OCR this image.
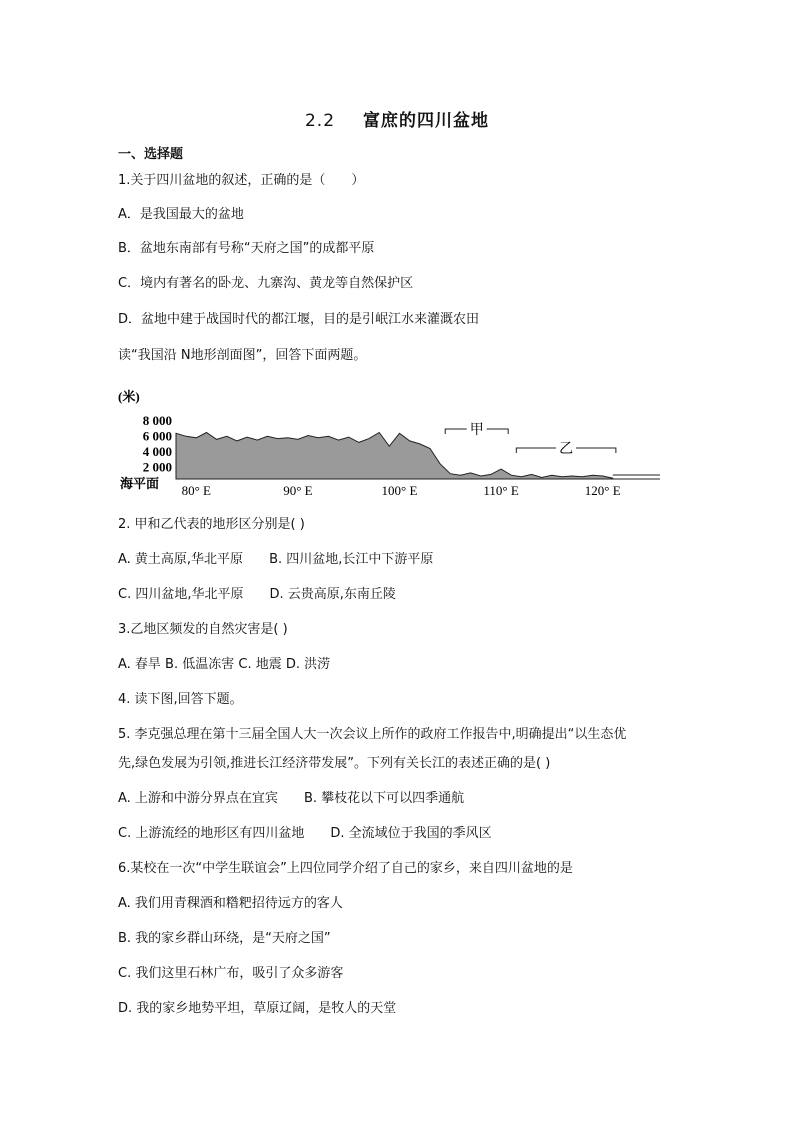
2.2 富庶的四川盆地
一、选择题
1.关于四川盆地的叙述，正确的是（　　）
A．是我国最大的盆地
B．盆地东南部有号称“天府之国”的成都平原
C．境内有著名的卧龙、九寨沟、黄龙等自然保护区
D．盆地中建于战国时代的都江堰，目的是引岷江水来灌溉农田
读“我国沿 N地形剖面图”，回答下面两题。
(米)
8 000
6 000
4 000
2 000
海平面 80° E	90° E	100° E	110° E	120° E
甲
乙
2. 甲和乙代表的地形区分别是( )
A. 黄土高原,华北平原 B. 四川盆地,长江中下游平原
C. 四川盆地,华北平原 D. 云贵高原,东南丘陵
3.乙地区频发的自然灾害是( )
A. 春旱 B. 低温冻害 C. 地震 D. 洪涝
4. 读下图,回答下题。
5. 李克强总理在第十三届全国人大一次会议上所作的政府工作报告中,明确提出“以生态优
先,绿色发展为引领,推进长江经济带发展”。下列有关长江的表述正确的是( )
A. 上游和中游分界点在宜宾 B. 攀枝花以下可以四季通航
C. 上游流经的地形区有四川盆地 D. 全流域位于我国的季风区
6.某校在一次“中学生联谊会”上四位同学介绍了自己的家乡，来自四川盆地的是
A. 我们用青稞酒和糌粑招待远方的客人
B. 我的家乡群山环绕，是“天府之国”
C. 我们这里石林广布，吸引了众多游客
D. 我的家乡地势平坦，草原辽阔，是牧人的天堂
